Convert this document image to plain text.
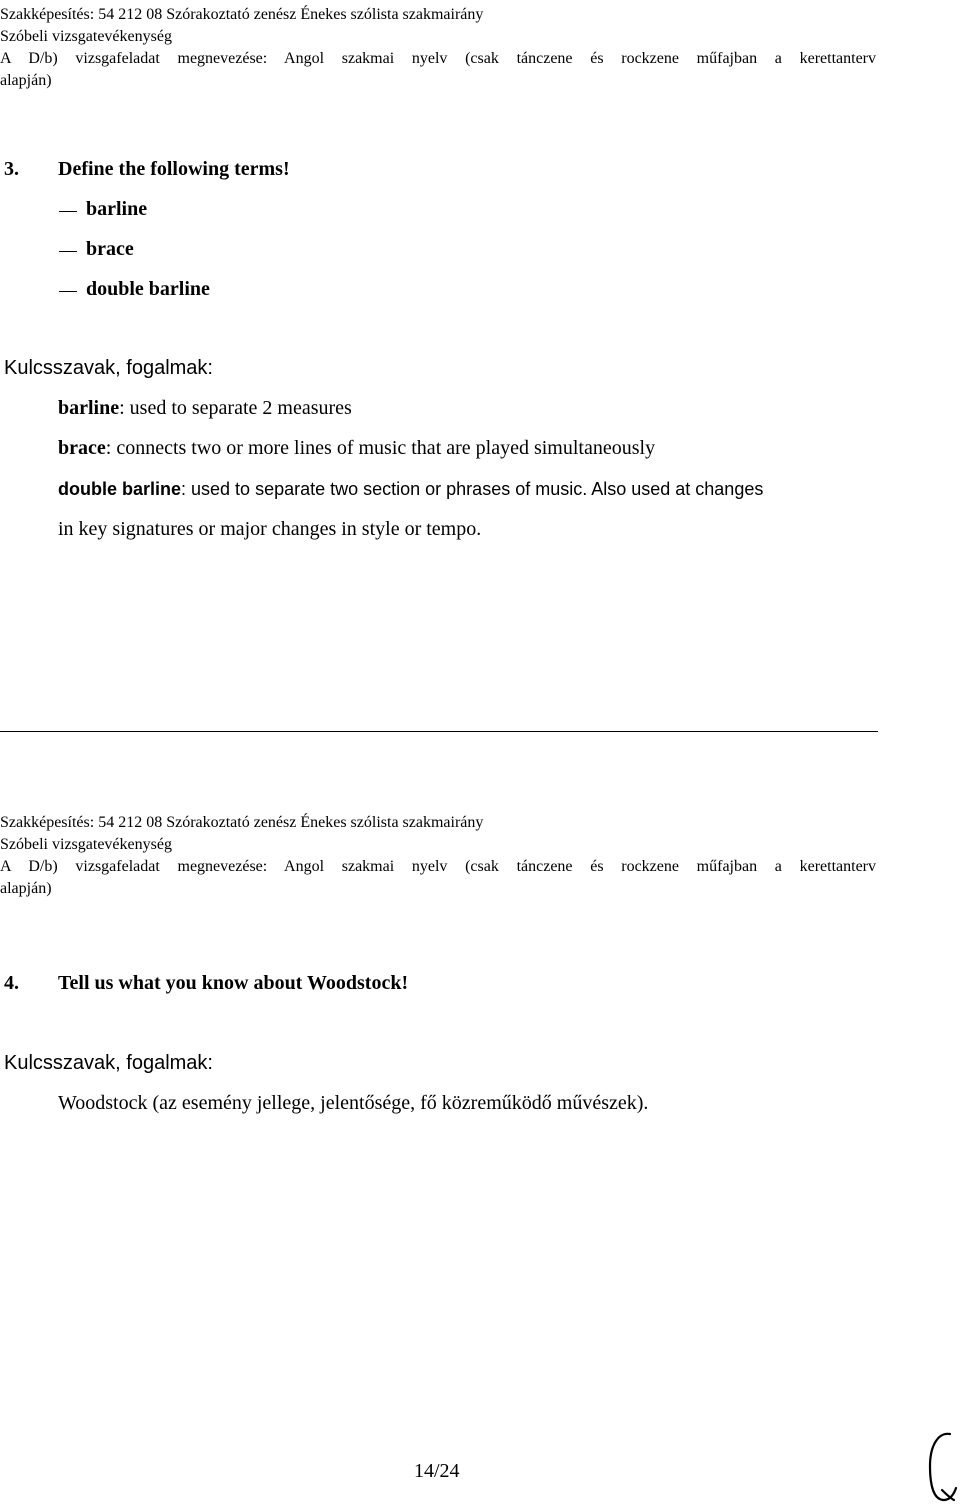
Szakképesítés: 54 212 08 Szórakoztató zenész Énekes szólista szakmairány
Szóbeli vizsgatevékenység
A D/b) vizsgafeladat megnevezése: Angol szakmai nyelv (csak tánczene és rockzene műfajban a kerettanterv
alapján)
3. Define the following terms!
barline
brace
double barline
Kulcsszavak, fogalmak:
barline: used to separate 2 measures
brace: connects two or more lines of music that are played simultaneously
double barline: used to separate two section or phrases of music. Also used at changes
in key signatures or major changes in style or tempo.
Szakképesítés: 54 212 08 Szórakoztató zenész Énekes szólista szakmairány
Szóbeli vizsgatevékenység
A D/b) vizsgafeladat megnevezése: Angol szakmai nyelv (csak tánczene és rockzene műfajban a kerettanterv
alapján)
4. Tell us what you know about Woodstock!
Kulcsszavak, fogalmak:
Woodstock (az esemény jellege, jelentősége, fő közreműködő művészek).
14/24
